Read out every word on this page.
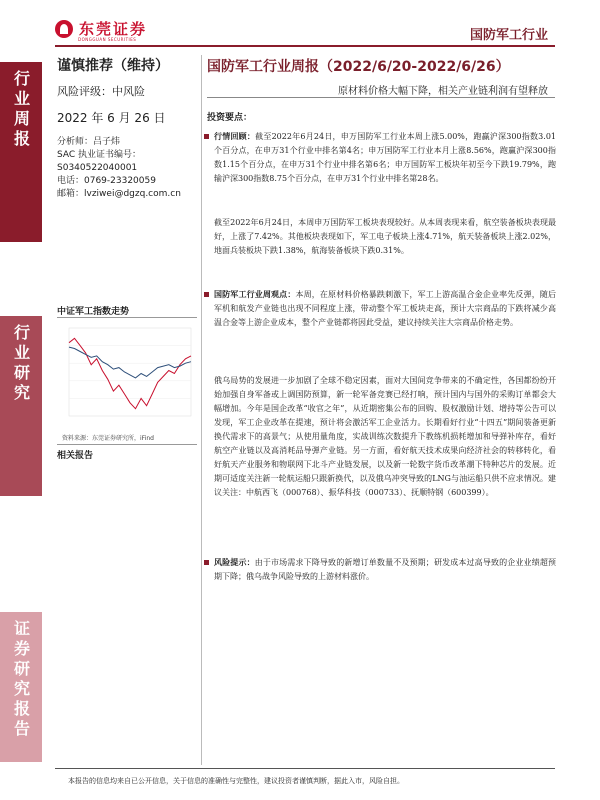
行业周报
行业研究
证券研究报告
东莞证券
DONGGUAN SECURITIES	国防军工行业
谨慎推荐（维持）
风险评级：中风险
2022 年 6 月 26 日
分析师：吕子炜
SAC 执业证书编号：
S0340522040001
电话：0769-23320059
邮箱：lvziwei@dgzq.com.cn
中证军工指数走势
资料来源：东莞证券研究所，iFind
相关报告
国防军工行业周报（2022/6/20-2022/6/26）
原材料价格大幅下降，相关产业链利润有望释放
投资要点：
行情回顾：截至2022年6月24日，申万国防军工行业本周上涨5.00%，跑赢沪深300指数3.01个百分点，在申万31个行业中排名第4名；申万国防军工行业本月上涨8.56%，跑赢沪深300指数1.15个百分点，在申万31个行业中排名第6名；申万国防军工板块年初至今下跌19.79%，跑输沪深300指数8.75个百分点，在申万31个行业中排名第28名。
截至2022年6月24日，本周申万国防军工板块表现较好。从本周表现来看，航空装备板块表现最好，上涨了7.42%。其他板块表现如下，军工电子板块上涨4.71%，航天装备板块上涨2.02%，地面兵装板块下跌1.38%，航海装备板块下跌0.31%。
国防军工行业周观点：本周，在原材料价格暴跌刺激下，军工上游高温合金企业率先反弹，随后军机和航发产业链也出现不同程度上涨，带动整个军工板块走高，预计大宗商品的下跌将减少高温合金等上游企业成本，整个产业链都将因此受益，建议持续关注大宗商品价格走势。
俄乌局势的发展进一步加剧了全球不稳定因素，面对大国间竞争带来的不确定性，各国都纷纷开始加强自身军备或上调国防预算，新一轮军备竞赛已经打响，预计国内与国外的采购订单都会大幅增加。今年是国企改革“收官之年”，从近期密集公布的回购、股权激励计划、增持等公告可以发现，军工企业改革在提速，预计将会激活军工企业活力。长期看好行业“十四五”期间装备更新换代需求下的高景气；从使用量角度，实战训练次数提升下教练机损耗增加和导弹补库存，看好航空产业链以及高消耗品导弹产业链。另一方面，看好航天技术成果向经济社会的转移转化，看好航天产业服务和物联网下北斗产业链发展，以及新一轮数字货币改革潮下特种芯片的发展。近期可适度关注新一轮航运船只跟新换代，以及俄乌冲突导致的LNG与油运船只供不应求情况。建议关注：中航西飞（000768）、振华科技（000733）、抚顺特钢（600399）。
风险提示：由于市场需求下降导致的新增订单数量不及预期；研发成本过高导致的企业业绩超预期下降；俄乌战争风险导致的上游材料涨价。
本报告的信息均来自已公开信息，关于信息的准确性与完整性，建议投资者谨慎判断，据此入市，风险自担。
